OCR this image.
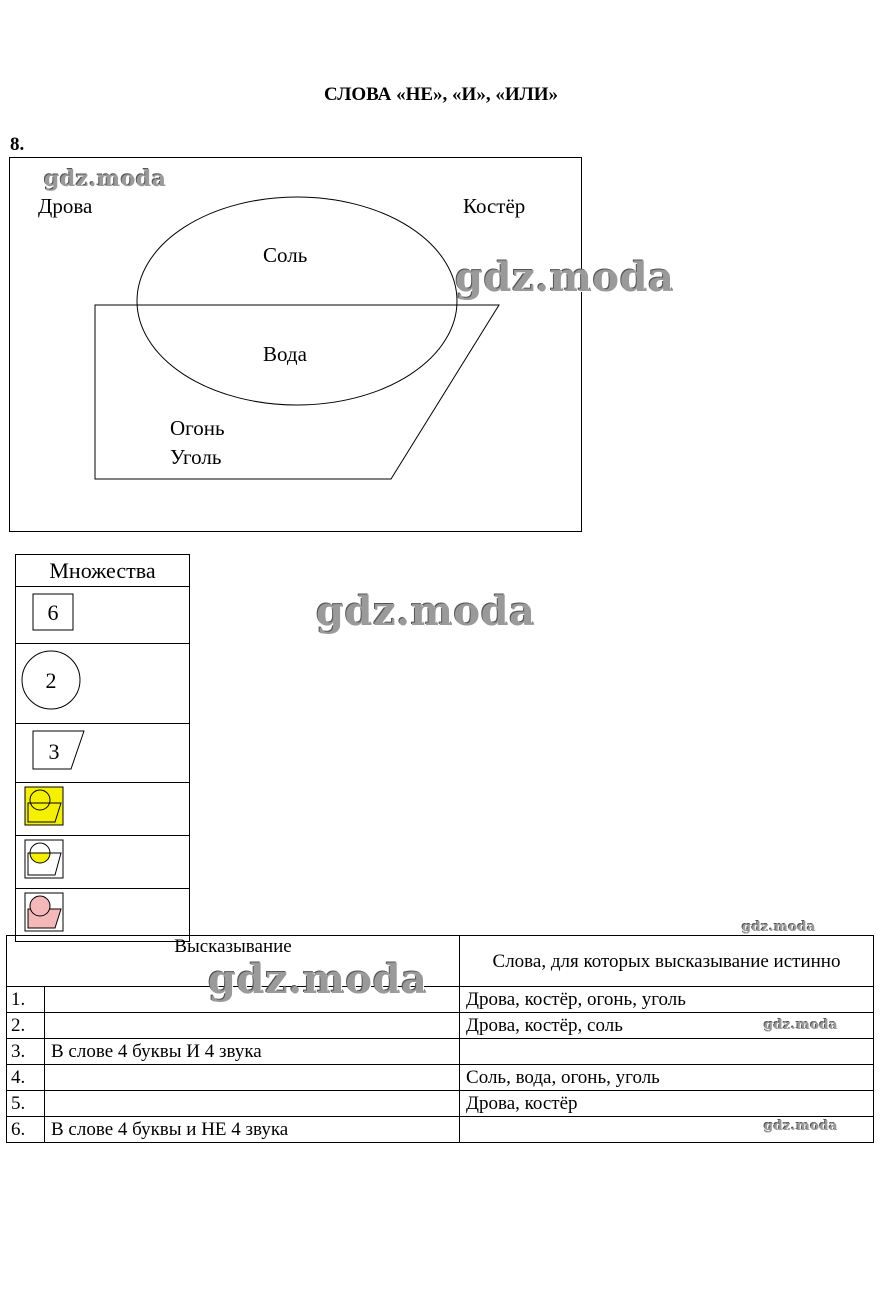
СЛОВА «НЕ», «И», «ИЛИ»
8.
Дрова	Костёр
Соль
Вода
Огонь
Уголь
gdz.moda
gdz.moda
Множества

6

2

3

gdz.moda
gdz.moda
Высказывание		Слова, для которых высказывание истинно
1.		Дрова, костёр, огонь, уголь
2.		Дрова, костёр, соль
3.	В слове 4 буквы И 4 звука	
4.		Соль, вода, огонь, уголь
5.		Дрова, костёр
6.	В слове 4 буквы и НЕ 4 звука	
gdz.moda
gdz.moda
gdz.moda
